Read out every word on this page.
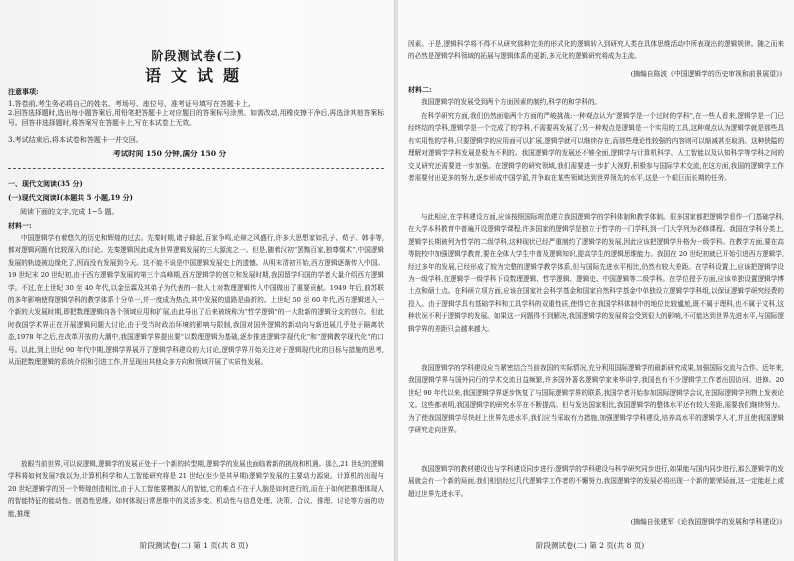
阶段测试卷(二)
语文试题
注意事项:
1.答卷前,考生务必将自己的姓名、考场号、座位号、准考证号填写在答题卡上。
2.回答选择题时,选出每小题答案后,用铅笔把答题卡上对应题目的答案标号涂黑。如需改动,用橡皮擦干净后,再选涂其他答案标号。回答非选择题时,将答案写在答题卡上,写在本试卷上无效。
3.考试结束后,将本试卷和答题卡一并交回。
考试时间 150 分钟,满分 150 分
一、现代文阅读(35 分)
(一)现代文阅读Ⅰ(本题共 5 小题,19 分)
阅读下面的文字,完成 1~5 题。
材料一:
中国逻辑学有着悠久的历史和辉煌的过去。先秦时期,诸子蜂起,百家争鸣,论辩之风盛行,许多大思想家如孔子、荀子、韩非等,都对逻辑问题有比较深入的讨论。先秦逻辑因此成为世界逻辑发展的三大源流之一。但是,随着汉初“罢黜百家,独尊儒术”,中国逻辑发展的轨迹被边缘化了,因而没有发展到今天。这不能不说是中国逻辑发展史上的遗憾。从明末清初开始,西方逻辑逐渐传入中国。19 世纪末 20 世纪初,由于西方逻辑学发展的第三个高峰期,西方逻辑学的创立和发展时期,我国留学归国的学者大量介绍西方逻辑学。不过,在上世纪 30 至 40 年代,以金岳霖及其弟子为代表的一批人士对数理逻辑传入中国做出了重要贡献。1949 年后,前苏联的多年影响使得逻辑学科的教学体系十分单一,并一度成为热点,其中发展的道路是曲折的。上世纪 50 至 60 年代,西方逻辑进入一个新的大发展时期,即把数理逻辑向各个领域应用和扩展,由此导出了后来被统称为“哲学逻辑”的一大批新的逻辑分支的创立。但此时我国学术界正在开展逻辑问题大讨论,由于受当时政治环境的影响与限制,我国对国外逻辑的新动向与新进展几乎处于隔离状态,1978 年之后,在改革开放的大潮中,我国逻辑学界提出要“以数理逻辑为基础,逐步推进逻辑学现代化”和“逻辑教学现代化”的口号。以此,到上世纪 90 年代中期,逻辑学界展开了逻辑学科建设的大讨论,逻辑学界开始关注对于逻辑现代化的目标与措施的思考,从而把数理逻辑的系统介绍和引进工作,并呈现出其他众多方向和领域开展了实质性发展。
放眼当前世界,可以说逻辑,逻辑学的发展正处于一个新的转型期,逻辑学的发展也面临着新的挑战和机遇。那么,21 世纪的逻辑学科将如何发展?我以为,计算机科学和人工智能研究将是 21 世纪(至少是其早期)逻辑学发展的主要动力源泉。计算机的出现与 20 世纪逻辑学的另一个辉煌创造相比,由于人工智能要模拟人的智能,它的难点不在于人脑是如何进行的,而在于如何把推理体现人的智能特征的能动性、创造性思维。如何体现日常思维中的灵活多变、机动性与信息处理、决策、合议、推理、讨论等方面的功能,推理
阶段测试卷(二) 第 1 页(共 8 页)
因素。于是,逻辑科学将不得不从研究那种完美的形式化的逻辑转入到研究人类在具体思维活动中所表现出的逻辑规律。随之而来的必然是逻辑学科领域的拓展与逻辑体系的更新,多元化的逻辑研究将成为主流。
(摘编自陈波《中国逻辑学的历史审视和前景展望》)
材料二:
我国逻辑学的发展受到两个方面因素的制约,科学的和学科的。
在科学研究方面,我们仍然面临两个方面的严峻挑战:一种观点认为“逻辑学是一个过时的学科”,在一些人看来,逻辑学是一门已经终结的学科,逻辑学是一个完成了的学科,不需要再发展了;另一种观点是逻辑是一个实用的工具,这种观点认为逻辑学就是那些具有实用性的学科,只要逻辑学的应用面可以扩展,逻辑学就可以继续存在,而那些理论性较强的内容则可以缩减甚至取消。这种狭隘的理解对逻辑学学科发展是极为不利的。我国逻辑学的发展还不够全面,逻辑学与计算机科学、人工智能以及认知科学等学科之间的交叉研究还需要进一步加强。在逻辑学的研究领域,我们需要进一步扩大视野,积极参与国际学术交流,在这方面,我国的逻辑学工作者需要付出更多的努力,逐步形成中国学派,并争取在某些领域达到世界领先的水平,这是一个艰巨而长期的任务。
与此相应,在学科建设方面,应该按照国际规范建立我国逻辑学的学科体制和教学体制。很多国家都把逻辑学看作一门基础学科,在大学本科教育中普遍开设逻辑学课程,许多国家的逻辑学是独立于哲学的一门学科,到一门大学列为必修课程。我国在学科分类上,逻辑学长期被列为哲学的二级学科,这种现状已经严重制约了逻辑学的发展,因此应该把逻辑学升格为一级学科。在教学方面,要在高等院校中加强逻辑学教育,要在全体大学生中普及逻辑知识,提高学生的逻辑思维能力。我国在 20 世纪初就已开始引进西方逻辑学,经过多年的发展,已经形成了较为完整的逻辑学教学体系,但与国际先进水平相比,仍然有较大差距。在学科设置上,应该把逻辑学设为一级学科,在逻辑学一级学科下设数理逻辑、哲学逻辑、逻辑史、中国逻辑等二级学科。在学位授予方面,应该单独设置逻辑学博士点和硕士点。在科研立项方面,应该在国家社会科学基金和国家自然科学基金中单独设立逻辑学学科组,以保证逻辑学研究经费的投入。由于逻辑学具有基础学科和工具学科的双重性质,使得它在我国学科体制中的地位比较尴尬,既不属于理科,也不属于文科,这种状况不利于逻辑学的发展。如果这一问题得不到解决,我国逻辑学的发展将会受到很大的影响,不可能达到世界先进水平,与国际逻辑学界的差距只会越来越大。
我国逻辑学的学科建设应当紧密结合当前我国的实际情况,充分利用国际逻辑学的最新研究成果,加强国际交流与合作。近年来,我国逻辑学界与国外同行的学术交流日益频繁,许多国外著名逻辑学家来华讲学,我国也有不少逻辑学工作者出国访问、进修。20 世纪 90 年代以来,我国逻辑学界逐步恢复了与国际逻辑学界的联系,我国学者开始参加国际逻辑学会议,在国际逻辑学刊物上发表论文。这些都表明,我国逻辑学的研究水平在不断提高。但与发达国家相比,我国逻辑学的整体水平还有较大差距,需要我们继续努力。为了使我国逻辑学尽快赶上世界先进水平,我们应当采取有力措施,加强逻辑学学科建设,培养高水平的逻辑学人才,并且使我国逻辑学研究走向世界。
我国逻辑学的教材建设也与学科建设同步进行:逻辑学的学科建设与科学研究同步进行,如果能与国内同步进行,那么逻辑学的发展就会有一个新的局面,我们相信经过几代逻辑学工作者的不懈努力,我国逻辑学的发展必将出现一个新的繁荣局面,这一定能赶上或超过世界先进水平。
(摘编自张建军《论我国逻辑学的发展和学科建设》)
阶段测试卷(二) 第 2 页(共 8 页)
